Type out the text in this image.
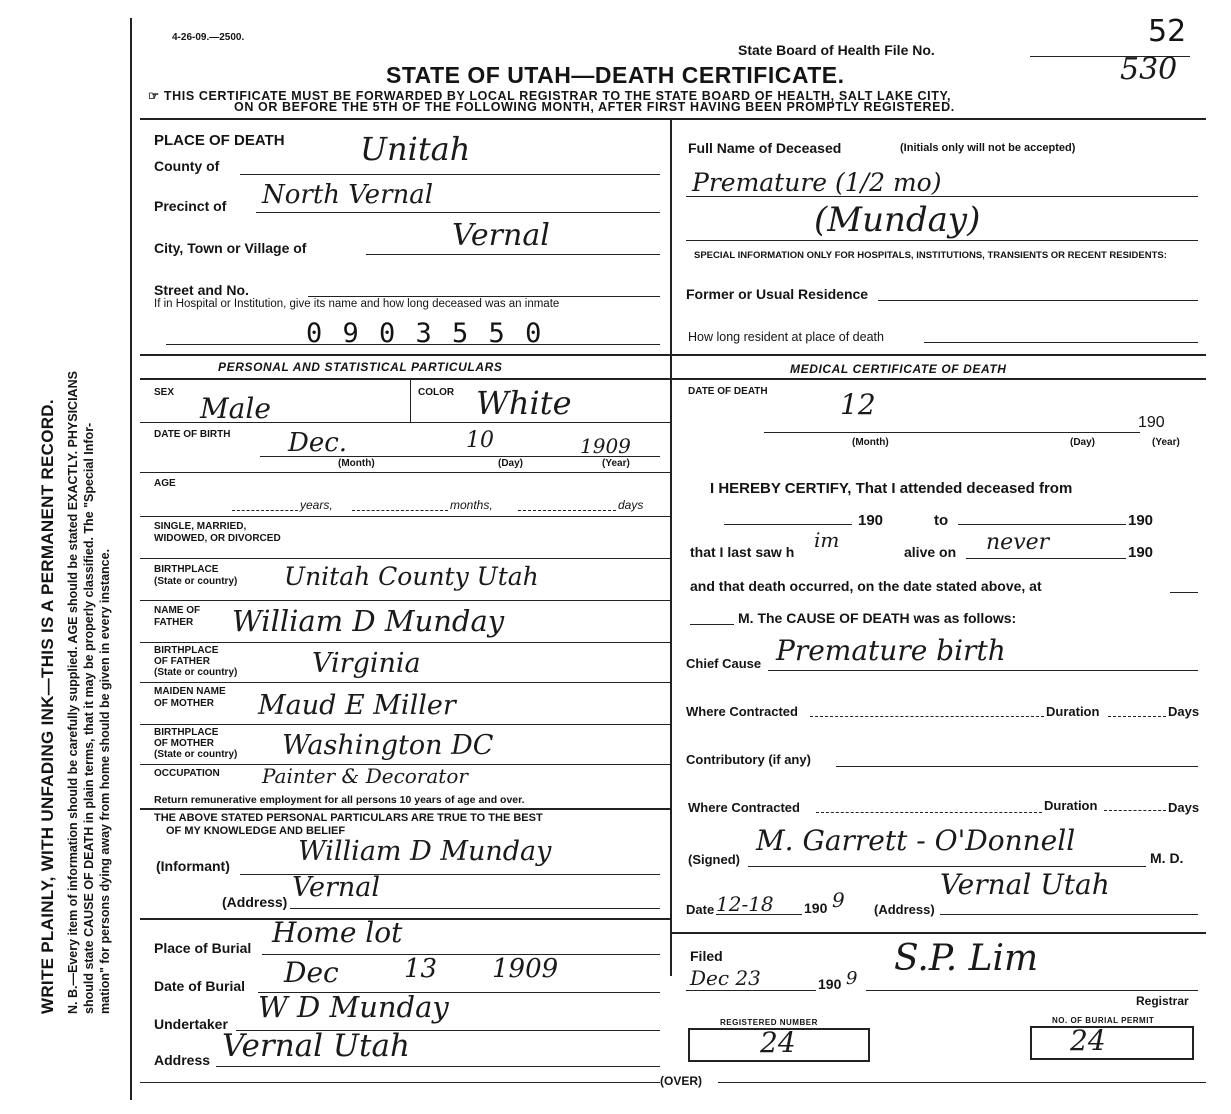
WRITE PLAINLY, WITH UNFADING INK—THIS IS A PERMANENT RECORD. N. B.—Every item of information should be carefully supplied. AGE should be stated EXACTLY. PHYSICIANS should state CAUSE OF DEATH in plain terms, that it may be properly classified. The "Special Infor- mation" for persons dying away from home should be given in every instance.
4-26-09.—2500.
State Board of Health File No.
52
530
STATE OF UTAH—DEATH CERTIFICATE.
☞ THIS CERTIFICATE MUST BE FORWARDED BY LOCAL REGISTRAR TO THE STATE BOARD OF HEALTH, SALT LAKE CITY,
ON OR BEFORE THE 5TH OF THE FOLLOWING MONTH, AFTER FIRST HAVING BEEN PROMPTLY REGISTERED.
PLACE OF DEATH
County of	Unitah
Precinct of North Vernal
City, Town or Village of	Vernal
Street and No.
If in Hospital or Institution, give its name and how long deceased was an inmate
0 9 0 3 5 5 0
PERSONAL AND STATISTICAL PARTICULARS
SEX Male	COLOR White
DATE OF BIRTH Dec.	10	1909
(Month)	(Day)	(Year)
AGE
years,	months,	days
SINGLE, MARRIED,
WIDOWED, OR DIVORCED
BIRTHPLACE
(State or country) Unitah County Utah
NAME OF
FATHER William D Munday
BIRTHPLACE
OF FATHER
(State or country)	Virginia
MAIDEN NAME
OF MOTHER Maud E Miller
BIRTHPLACE
OF MOTHER
(State or country) Washington DC
OCCUPATION Painter & Decorator
Return remunerative employment for all persons 10 years of age and over.
THE ABOVE STATED PERSONAL PARTICULARS ARE TRUE TO THE BEST
OF MY KNOWLEDGE AND BELIEF
(Informant)	William D Munday
(Address) Vernal
Place of Burial Home lot
Date of Burial Dec	13 1909
Undertaker W D Munday
Address Vernal Utah
Full Name of Deceased	(Initials only will not be accepted)
Premature (1/2 mo)
(Munday)
SPECIAL INFORMATION ONLY FOR HOSPITALS, INSTITUTIONS, TRANSIENTS OR RECENT RESIDENTS:
Former or Usual Residence
How long resident at place of death
MEDICAL CERTIFICATE OF DEATH
DATE OF DEATH	12
190
(Month)	(Day)	(Year)
I HEREBY CERTIFY, That I attended deceased from
190	to	190
that I last saw h im	alive on never	190
and that death occurred, on the date stated above, at
M. The CAUSE OF DEATH was as follows:
Chief Cause Premature birth
Where Contracted	Duration	Days
Contributory (if any)
Where Contracted	Duration	Days
(Signed)
M. Garrett - O'Donnell
M. D.
Date 12-18 190 9 (Address)
Vernal Utah
Filed
Dec 23	190 9 S.P. Lim
Registrar
REGISTERED NUMBER
24
NO. OF BURIAL PERMIT
24
(OVER)
